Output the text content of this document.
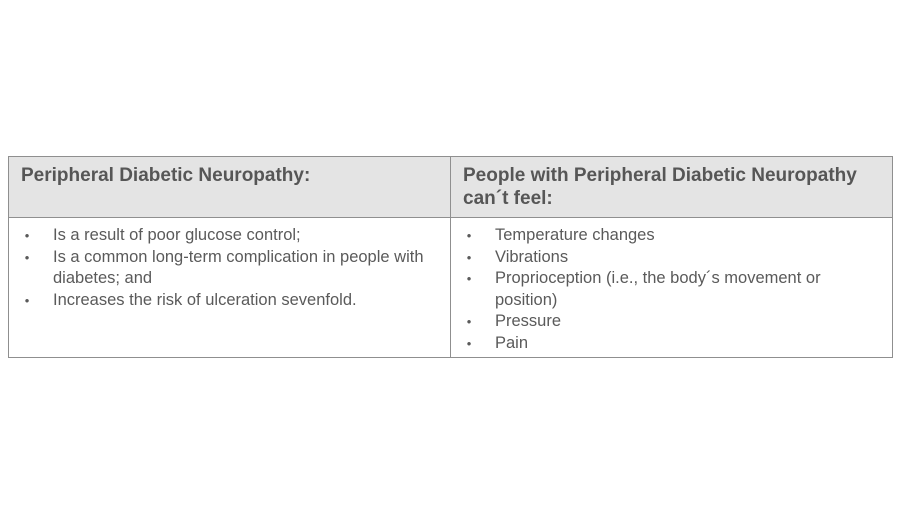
Peripheral Diabetic Neuropathy:	People with Peripheral Diabetic Neuropathy can´t feel:
• Is a result of poor glucose control;
• Is a common long-term complication in people with diabetes; and
• Increases the risk of ulceration sevenfold.
• Temperature changes
• Vibrations
• Proprioception (i.e., the body´s movement or position)
• Pressure
• Pain
